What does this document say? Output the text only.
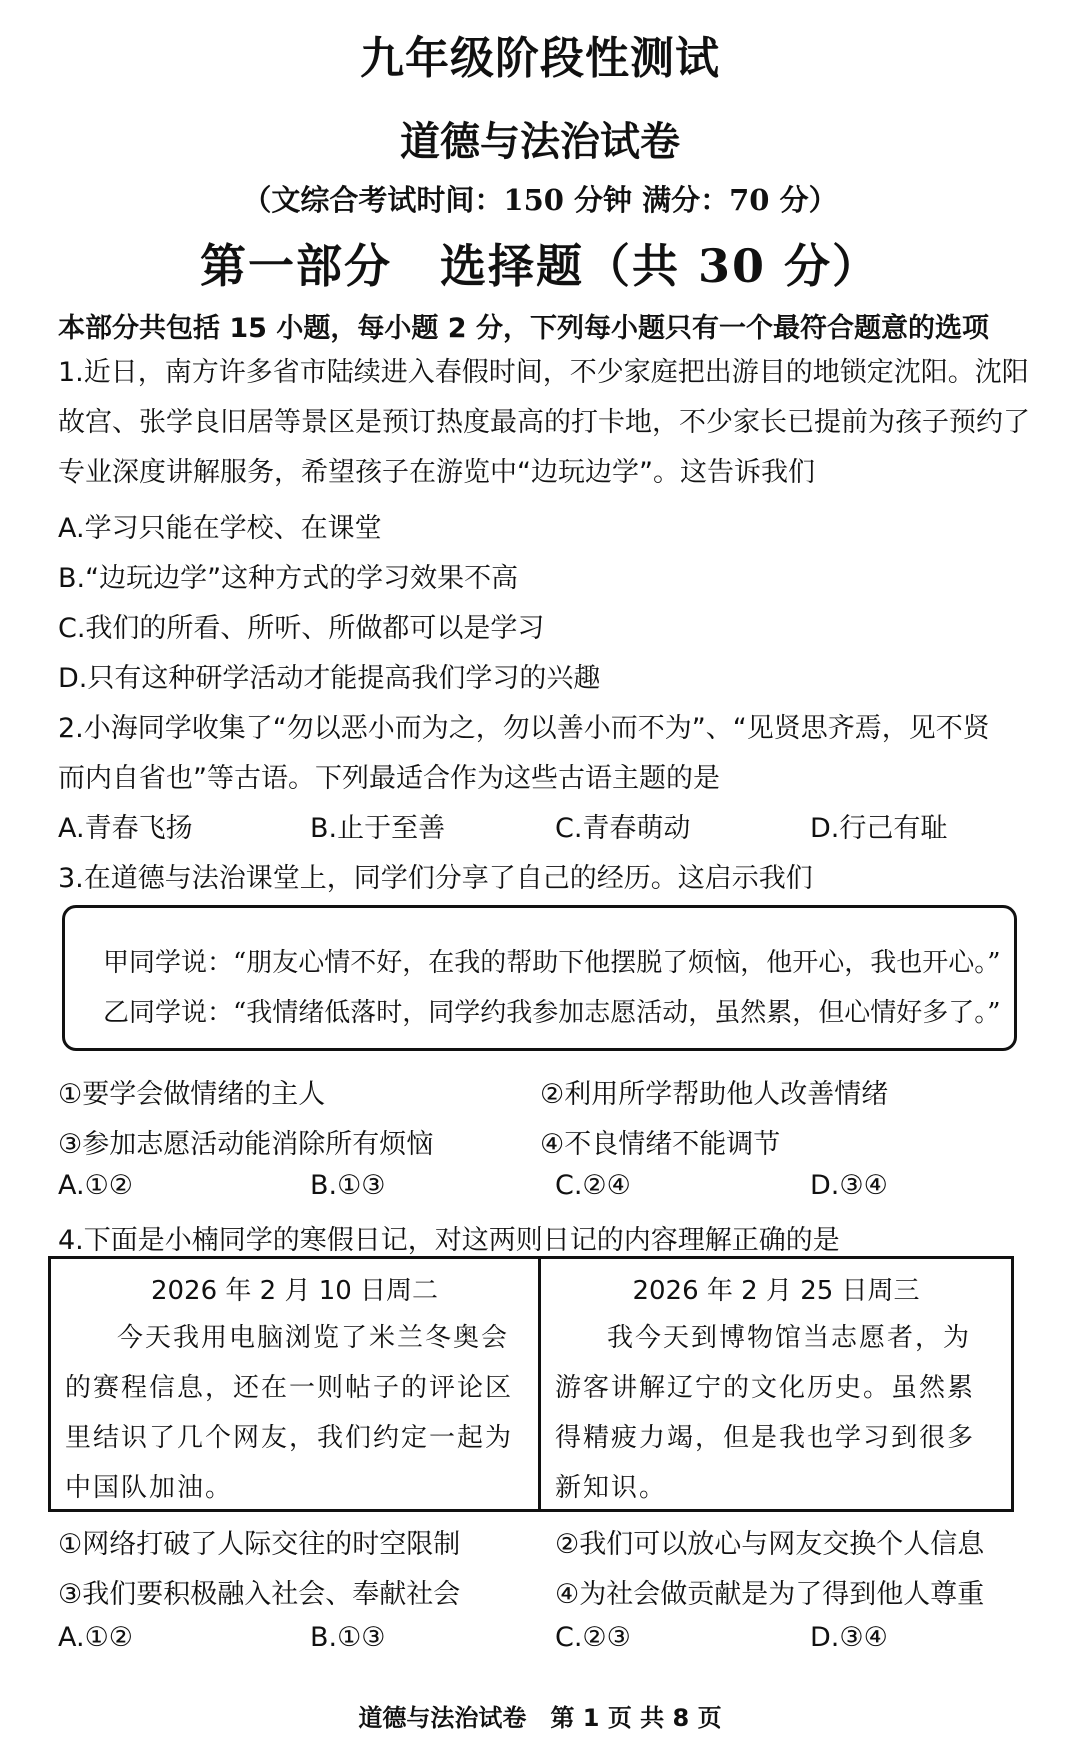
九年级阶段性测试
道德与法治试卷
（文综合考试时间：150 分钟 满分：70 分）
第一部分　选择题（共 30 分）
本部分共包括 15 小题，每小题 2 分，下列每小题只有一个最符合题意的选项
1.近日，南方许多省市陆续进入春假时间，不少家庭把出游目的地锁定沈阳。沈阳故宫、张学良旧居等景区是预订热度最高的打卡地，不少家长已提前为孩子预约了专业深度讲解服务，希望孩子在游览中“边玩边学”。这告诉我们
A.学习只能在学校、在课堂
B.“边玩边学”这种方式的学习效果不高
C.我们的所看、所听、所做都可以是学习
D.只有这种研学活动才能提高我们学习的兴趣
2.小海同学收集了“勿以恶小而为之，勿以善小而不为”、“见贤思齐焉，见不贤
而内自省也”等古语。下列最适合作为这些古语主题的是
A.青春飞扬	B.止于至善	C.青春萌动	D.行己有耻
3.在道德与法治课堂上，同学们分享了自己的经历。这启示我们
甲同学说：“朋友心情不好，在我的帮助下他摆脱了烦恼，他开心，我也开心。”
乙同学说：“我情绪低落时，同学约我参加志愿活动，虽然累，但心情好多了。”
①要学会做情绪的主人	②利用所学帮助他人改善情绪
③参加志愿活动能消除所有烦恼	④不良情绪不能调节
A.①②	B.①③	C.②④	D.③④
4.下面是小楠同学的寒假日记，对这两则日记的内容理解正确的是
2026 年 2 月 10 日周二
今天我用电脑浏览了米兰冬奥会的赛程信息，还在一则帖子的评论区里结识了几个网友，我们约定一起为中国队加油。
2026 年 2 月 25 日周三
我今天到博物馆当志愿者，为游客讲解辽宁的文化历史。虽然累得精疲力竭，但是我也学习到很多新知识。
①网络打破了人际交往的时空限制	②我们可以放心与网友交换个人信息
③我们要积极融入社会、奉献社会	④为社会做贡献是为了得到他人尊重
A.①②	B.①③	C.②③	D.③④
道德与法治试卷　第 1 页 共 8 页
